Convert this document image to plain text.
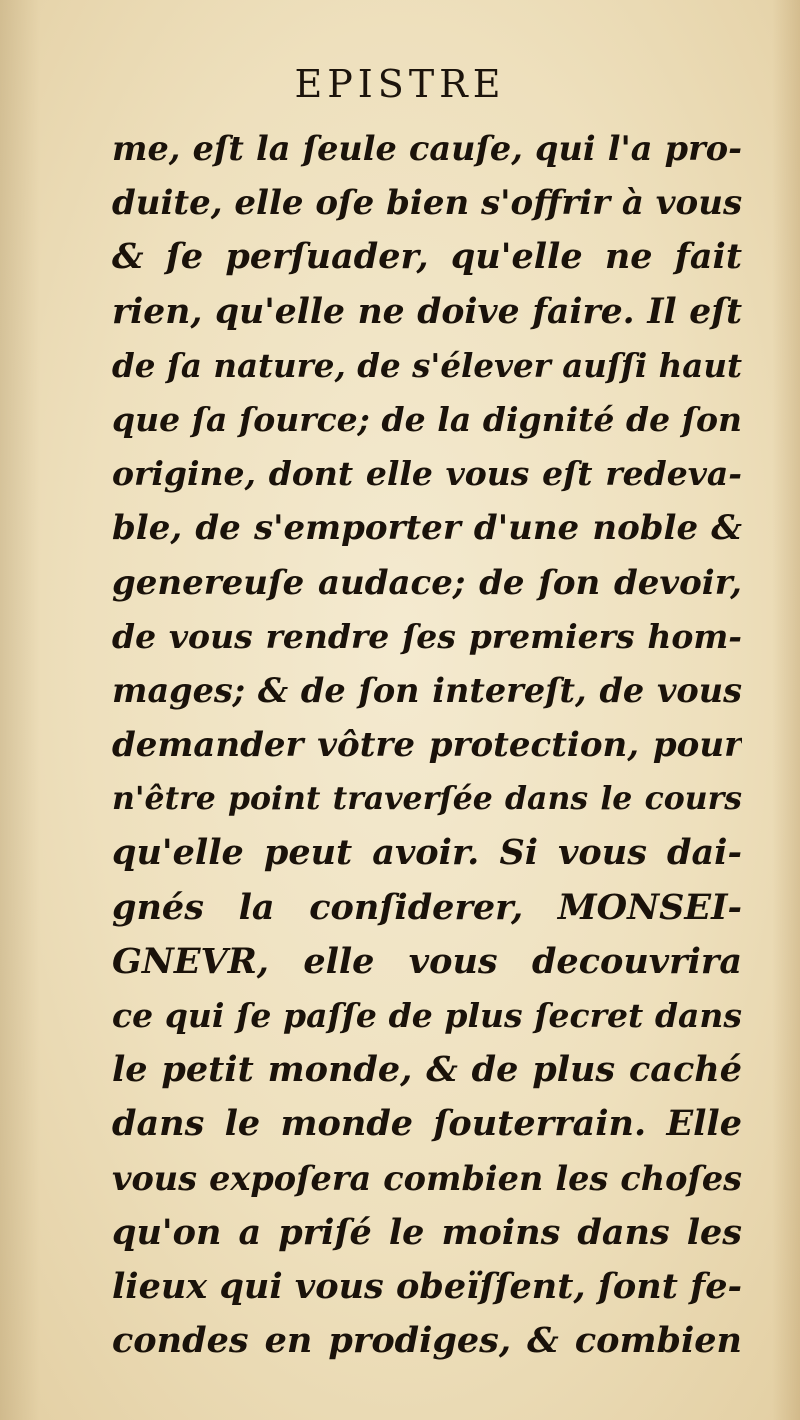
EPISTRE
me, eſt la ſeule cauſe, qui l'a pro-
duite, elle oſe bien s'offrir à vous
& ſe perſuader, qu'elle ne fait
rien, qu'elle ne doive faire. Il eſt
de ſa nature, de s'élever auſſi haut
que ſa ſource; de la dignité de ſon
origine, dont elle vous eſt redeva-
ble, de s'emporter d'une noble &
genereuſe audace; de ſon devoir,
de vous rendre ſes premiers hom-
mages; & de ſon intereſt, de vous
demander vôtre protection, pour
n'être point traverſée dans le cours
qu'elle peut avoir. Si vous dai-
gnés la conſiderer, MONSEI-
GNEVR, elle vous decouvrira
ce qui ſe paſſe de plus ſecret dans
le petit monde, & de plus caché
dans le monde ſouterrain. Elle
vous expoſera combien les choſes
qu'on a priſé le moins dans les
lieux qui vous obeïſſent, ſont fe-
condes en prodiges, & combien
